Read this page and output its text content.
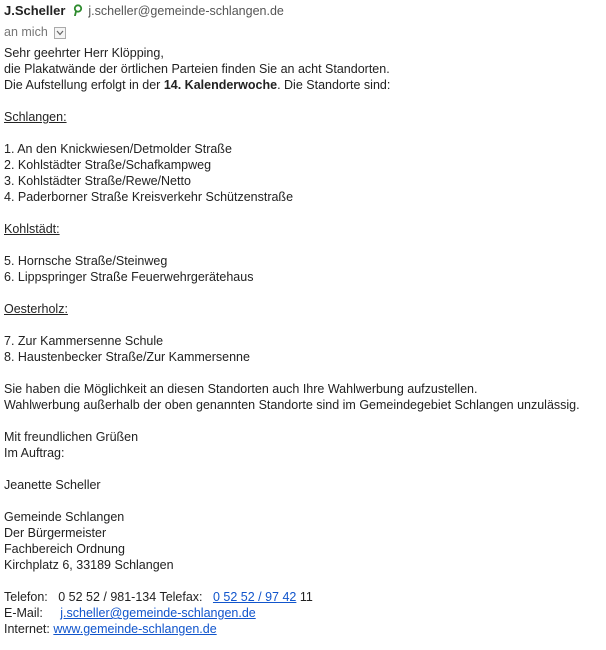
J.Scheller j.scheller@gemeinde-schlangen.de
an mich
Sehr geehrter Herr Klöpping,
die Plakatwände der örtlichen Parteien finden Sie an acht Standorten.
Die Aufstellung erfolgt in der 14. Kalenderwoche. Die Standorte sind:
Schlangen:
1. An den Knickwiesen/Detmolder Straße
2. Kohlstädter Straße/Schafkampweg
3. Kohlstädter Straße/Rewe/Netto
4. Paderborner Straße Kreisverkehr Schützenstraße
Kohlstädt:
5. Hornsche Straße/Steinweg
6. Lippspringer Straße Feuerwehrgerätehaus
Oesterholz:
7. Zur Kammersenne Schule
8. Haustenbecker Straße/Zur Kammersenne
Sie haben die Möglichkeit an diesen Standorten auch Ihre Wahlwerbung aufzustellen.
Wahlwerbung außerhalb der oben genannten Standorte sind im Gemeindegebiet Schlangen unzulässig.
Mit freundlichen Grüßen
Im Auftrag:
Jeanette Scheller
Gemeinde Schlangen
Der Bürgermeister
Fachbereich Ordnung
Kirchplatz 6, 33189 Schlangen
Telefon: 0 52 52 / 981-134 Telefax: 0 52 52 / 97 42 11
E-Mail: j.scheller@gemeinde-schlangen.de
Internet: www.gemeinde-schlangen.de
